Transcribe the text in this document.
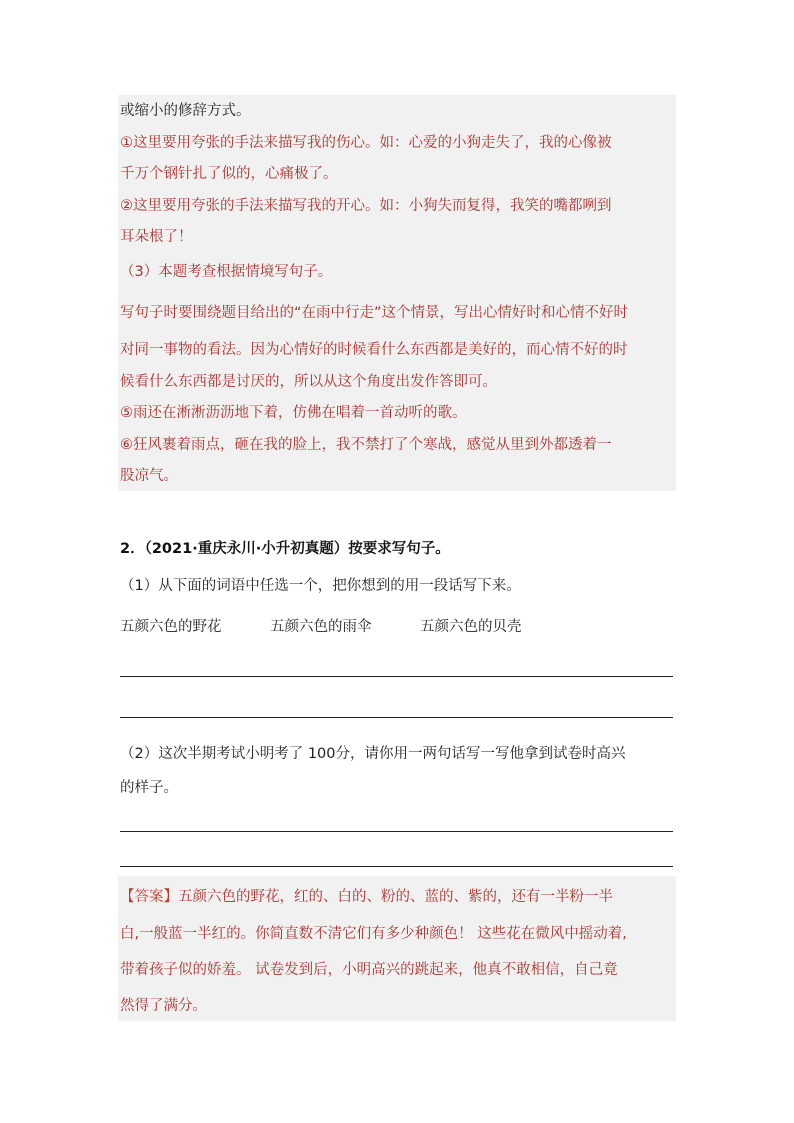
或缩小的修辞方式。
①这里要用夸张的手法来描写我的伤心。如：心爱的小狗走失了，我的心像被
千万个钢针扎了似的，心痛极了。
②这里要用夸张的手法来描写我的开心。如：小狗失而复得，我笑的嘴都咧到
耳朵根了！
（3）本题考查根据情境写句子。
写句子时要围绕题目给出的“在雨中行走”这个情景，写出心情好时和心情不好时
对同一事物的看法。因为心情好的时候看什么东西都是美好的，而心情不好的时
候看什么东西都是讨厌的，所以从这个角度出发作答即可。
⑤雨还在淅淅沥沥地下着，仿佛在唱着一首动听的歌。
⑥狂风裹着雨点，砸在我的脸上，我不禁打了个寒战，感觉从里到外都透着一
股凉气。
2．（2021·重庆永川·小升初真题）按要求写句子。
（1）从下面的词语中任选一个，把你想到的用一段话写下来。
五颜六色的野花	五颜六色的雨伞	五颜六色的贝壳
（2）这次半期考试小明考了 100分，请你用一两句话写一写他拿到试卷时高兴
的样子。
【答案】五颜六色的野花，红的、白的、粉的、蓝的、紫的，还有一半粉一半
白,一般蓝一半红的。你简直数不清它们有多少种颜色！ 这些花在微风中摇动着,
带着孩子似的娇羞。 试卷发到后，小明高兴的跳起来，他真不敢相信，自己竟
然得了满分。
